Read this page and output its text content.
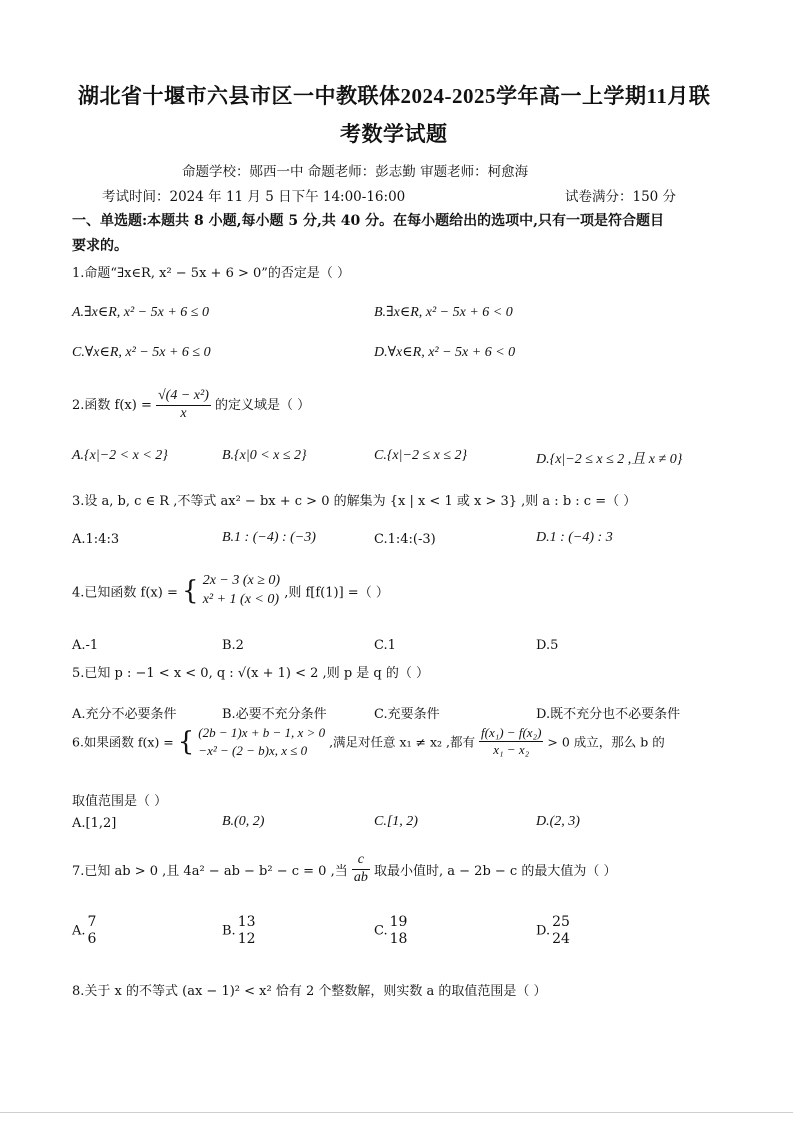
湖北省十堰市六县市区一中教联体2024-2025学年高一上学期11月联
考数学试题
命题学校：郧西一中 命题老师：彭志勤 审题老师：柯愈海
考试时间：2024 年 11 月 5 日下午 14:00-16:00	试卷满分：150 分
一、单选题:本题共 8 小题,每小题 5 分,共 40 分。在每小题给出的选项中,只有一项是符合题目
要求的。
1.命题“∃x∈R, x² − 5x + 6 > 0”的否定是（ ）
A.∃x∈R, x² − 5x + 6 ≤ 0	B.∃x∈R, x² − 5x + 6 < 0
C.∀x∈R, x² − 5x + 6 ≤ 0	D.∀x∈R, x² − 5x + 6 < 0
2.函数 $f(x) = \frac{\text{√(4 − x²)}}{x}$ 的定义域是（ ）
A.{x|−2 < x < 2}	B.{x|0 < x ≤ 2}	C.{x|−2 ≤ x ≤ 2}	D.{x|−2 ≤ x ≤ 2 ,且 x ≠ 0}
3.设 a, b, c ∈ R ,不等式 ax² − bx + c > 0 的解集为 {x | x < 1 或 x > 3} ,则 a : b : c =（ ）
A.1:4:3	B.1 : (−4) : (−3)	C.1:4:(-3)	D.1 : (−4) : 3
4.已知函数 f(x) = { 2x − 3 (x ≥ 0)
x² + 1 (x < 0) ,则 f[f(1)] =（ ）
A.-1	B.2	C.1	D.5
5.已知 p : −1 < x < 0, q : √(x + 1) < 2 ,则 p 是 q 的（ ）
A.充分不必要条件	B.必要不充分条件	C.充要条件	D.既不充分也不必要条件
6.如果函数 f(x) = { (2b − 1)x + b − 1, x > 0
−x² − (2 − b)x, x ≤ 0
,满足对任意 x₁ ≠ x₂ ,都有 $\frac{\text{f(x₁) − f(x₂)}}{\text{x₁ − x₂}} > 0$ 成立，那么 b 的
取值范围是（ ）
A.[1,2]	B.(0, 2)	C.[1, 2)	D.(2, 3)
7.已知 ab > 0 ,且 4a² − ab − b² − c = 0 ,当 $\frac{c}{ab}$ 取最小值时, a − 2b − c 的最大值为（ ）
A.
7
6	B.
13
12	C.
19
18	D.
25
24
8.关于 x 的不等式 (ax − 1)² < x² 恰有 2 个整数解，则实数 a 的取值范围是（ ）
